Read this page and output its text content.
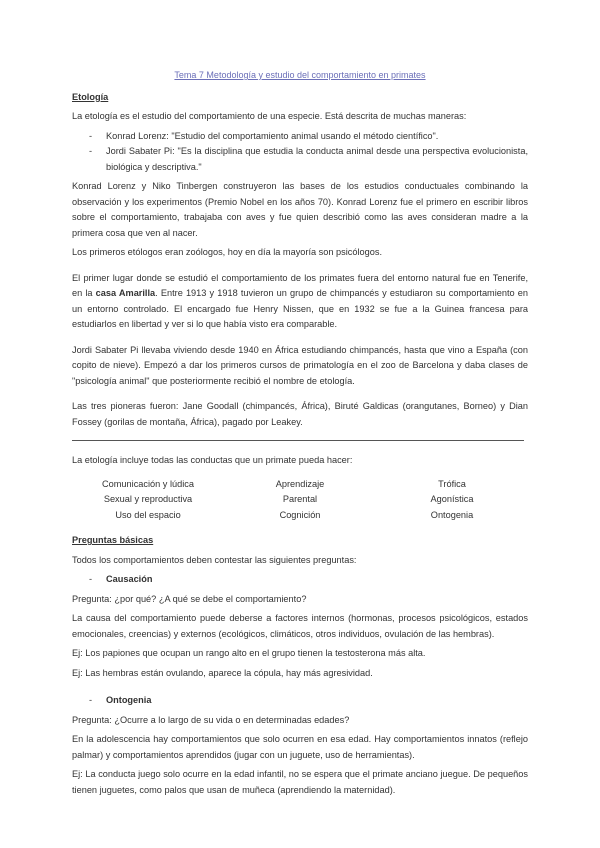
Tema 7 Metodología y estudio del comportamiento en primates
Etología

La etología es el estudio del comportamiento de una especie. Está descrita de muchas maneras:

- Konrad Lorenz: "Estudio del comportamiento animal usando el método científico".
- Jordi Sabater Pi: "Es la disciplina que estudia la conducta animal desde una perspectiva evolucionista, biológica y descriptiva."

Konrad Lorenz y Niko Tinbergen construyeron las bases de los estudios conductuales combinando la observación y los experimentos (Premio Nobel en los años 70). Konrad Lorenz fue el primero en escribir libros sobre el comportamiento, trabajaba con aves y fue quien describió como las aves consideran madre a la primera cosa que ven al nacer.

Los primeros etólogos eran zoólogos, hoy en día la mayoría son psicólogos.

El primer lugar donde se estudió el comportamiento de los primates fuera del entorno natural fue en Tenerife, en la casa Amarilla. Entre 1913 y 1918 tuvieron un grupo de chimpancés y estudiaron su comportamiento en un entorno controlado. El encargado fue Henry Nissen, que en 1932 se fue a la Guinea francesa para estudiarlos en libertad y ver si lo que había visto era comparable.

Jordi Sabater Pi llevaba viviendo desde 1940 en África estudiando chimpancés, hasta que vino a España (con copito de nieve). Empezó a dar los primeros cursos de primatología en el zoo de Barcelona y daba clases de "psicología animal" que posteriormente recibió el nombre de etología.

Las tres pioneras fueron: Jane Goodall (chimpancés, África), Biruté Galdicas (orangutanes, Borneo) y Dian Fossey (gorilas de montaña, África), pagado por Leakey.

La etología incluye todas las conductas que un primate pueda hacer:

Comunicación y lúdica	Aprendizaje	Trófica
Sexual y reproductiva	Parental	Agonística
Uso del espacio	Cognición	Ontogenia
Preguntas básicas

Todos los comportamientos deben contestar las siguientes preguntas:

- Causación

Pregunta: ¿por qué? ¿A qué se debe el comportamiento?

La causa del comportamiento puede deberse a factores internos (hormonas, procesos psicológicos, estados emocionales, creencias) y externos (ecológicos, climáticos, otros individuos, ovulación de las hembras).

Ej: Los papiones que ocupan un rango alto en el grupo tienen la testosterona más alta.

Ej: Las hembras están ovulando, aparece la cópula, hay más agresividad.

- Ontogenia

Pregunta: ¿Ocurre a lo largo de su vida o en determinadas edades?

En la adolescencia hay comportamientos que solo ocurren en esa edad. Hay comportamientos innatos (reflejo palmar) y comportamientos aprendidos (jugar con un juguete, uso de herramientas).

Ej: La conducta juego solo ocurre en la edad infantil, no se espera que el primate anciano juegue. De pequeños tienen juguetes, como palos que usan de muñeca (aprendiendo la maternidad).
